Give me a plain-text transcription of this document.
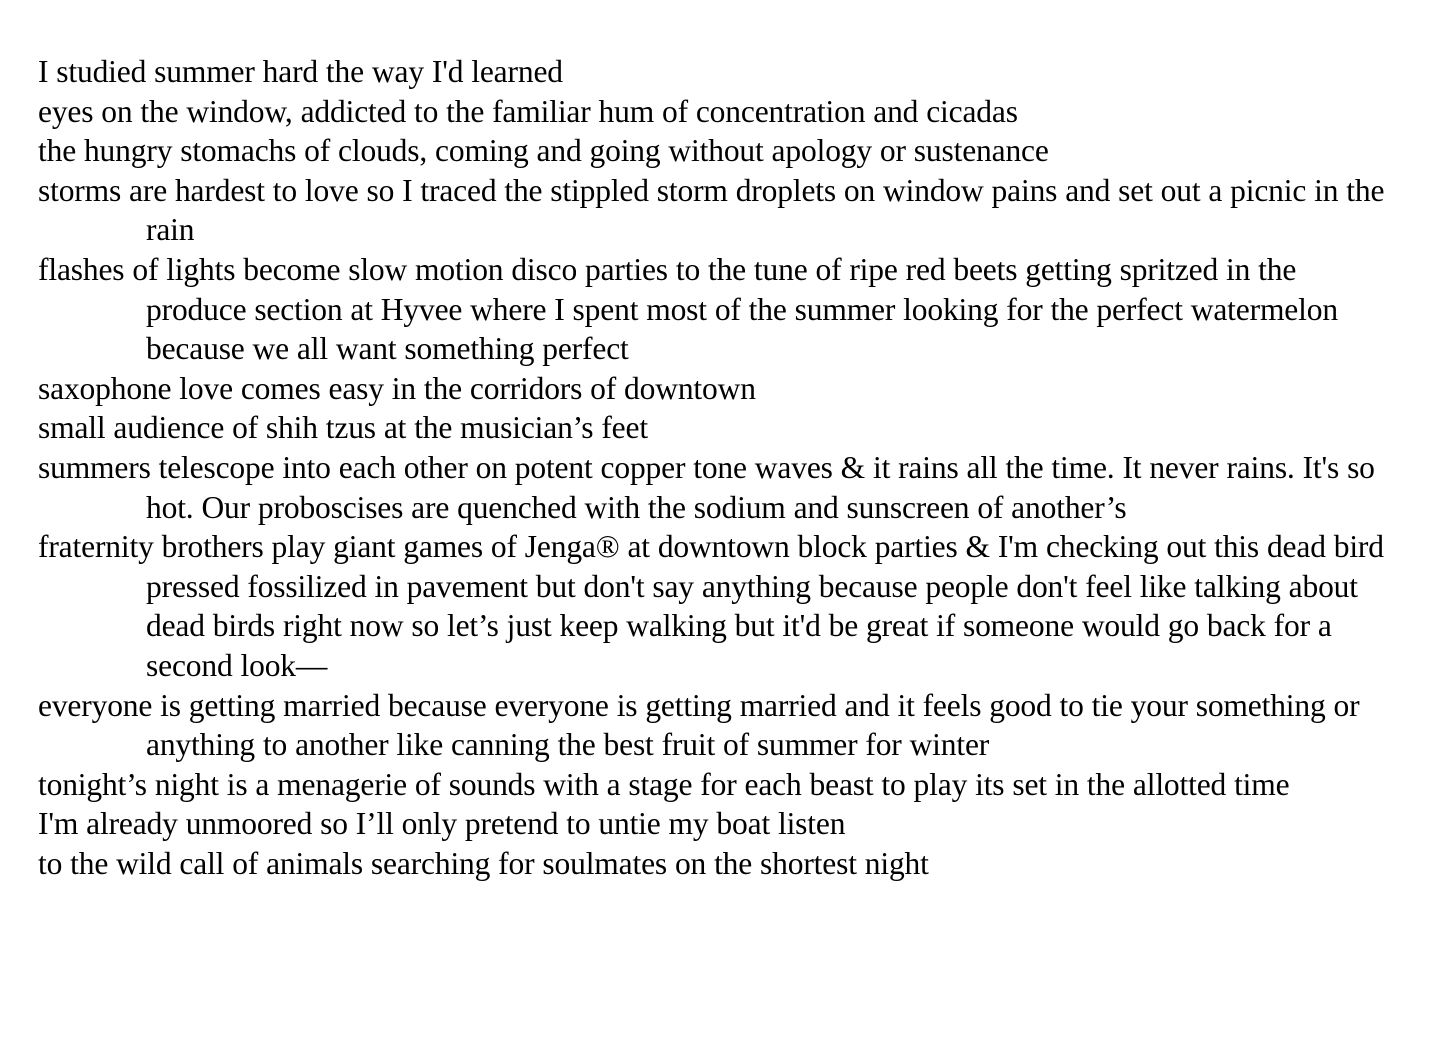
I studied summer hard the way I'd learned

eyes on the window, addicted to the familiar hum of concentration and cicadas

the hungry stomachs of clouds, coming and going without apology or sustenance

storms are hardest to love so I traced the stippled storm droplets on window pains and set out a picnic in the rain

flashes of lights become slow motion disco parties to the tune of ripe red beets getting spritzed in the produce section at Hyvee where I spent most of the summer looking for the perfect watermelon because we all want something perfect

saxophone love comes easy in the corridors of downtown

small audience of shih tzus at the musician’s feet

summers telescope into each other on potent copper tone waves & it rains all the time. It never rains. It's so hot. Our proboscises are quenched with the sodium and sunscreen of another’s

fraternity brothers play giant games of Jenga® at downtown block parties & I'm checking out this dead bird pressed fossilized in pavement but don't say anything because people don't feel like talking about dead birds right now so let’s just keep walking but it'd be great if someone would go back for a second look—

everyone is getting married because everyone is getting married and it feels good to tie your something or anything to another like canning the best fruit of summer for winter

tonight’s night is a menagerie of sounds with a stage for each beast to play its set in the allotted time

I'm already unmoored so I’ll only pretend to untie my boat listen

to the wild call of animals searching for soulmates on the shortest night
